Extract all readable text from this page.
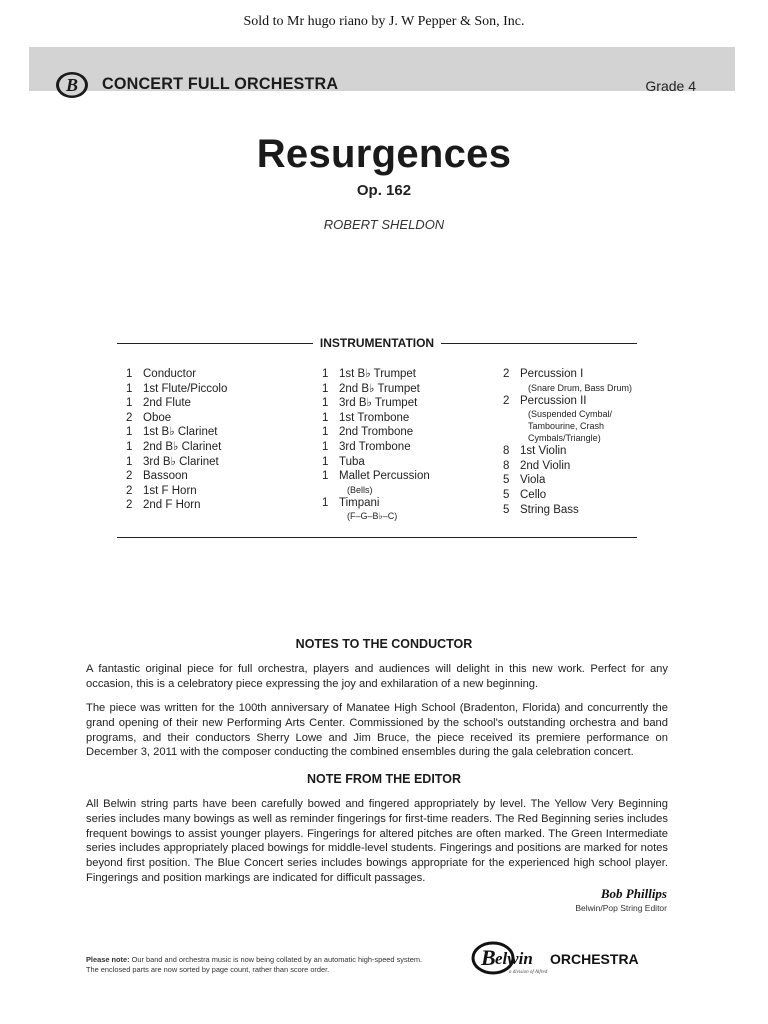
Sold to Mr hugo riano by J. W Pepper & Son, Inc.
B CONCERT FULL ORCHESTRA	Grade 4
Resurgences
Op. 162
ROBERT SHELDON
INSTRUMENTATION
1 Conductor
1 1st Flute/Piccolo
1 2nd Flute
2 Oboe
1 1st B♭ Clarinet
1 2nd B♭ Clarinet
1 3rd B♭ Clarinet
2 Bassoon
2 1st F Horn
2 2nd F Horn
1 1st B♭ Trumpet
1 2nd B♭ Trumpet
1 3rd B♭ Trumpet
1 1st Trombone
1 2nd Trombone
1 3rd Trombone
1 Tuba
1 Mallet Percussion
(Bells)
1 Timpani
(F–G–B♭–C)
2 Percussion I
(Snare Drum, Bass Drum)
2 Percussion II
(Suspended Cymbal/ Tambourine, Crash Cymbals/Triangle)
8 1st Violin
8 2nd Violin
5 Viola
5 Cello
5 String Bass
NOTES TO THE CONDUCTOR
A fantastic original piece for full orchestra, players and audiences will delight in this new work. Perfect for any occasion, this is a celebratory piece expressing the joy and exhilaration of a new beginning.
The piece was written for the 100th anniversary of Manatee High School (Bradenton, Florida) and concurrently the grand opening of their new Performing Arts Center. Commissioned by the school's outstanding orchestra and band programs, and their conductors Sherry Lowe and Jim Bruce, the piece received its premiere performance on December 3, 2011 with the composer conducting the combined ensembles during the gala celebration concert.
NOTE FROM THE EDITOR
All Belwin string parts have been carefully bowed and fingered appropriately by level. The Yellow Very Beginning series includes many bowings as well as reminder fingerings for first-time readers. The Red Beginning series includes frequent bowings to assist younger players. Fingerings for altered pitches are often marked. The Green Intermediate series includes appropriately placed bowings for middle-level students. Fingerings and positions are marked for notes beyond first position. The Blue Concert series includes bowings appropriate for the experienced high school player. Fingerings and position markings are indicated for difficult passages.
Bob Phillips
Belwin/Pop String Editor
Please note: Our band and orchestra music is now being collated by an automatic high-speed system.
The enclosed parts are now sorted by page count, rather than score order.	B elwin ORCHESTRA
a division of Alfred
